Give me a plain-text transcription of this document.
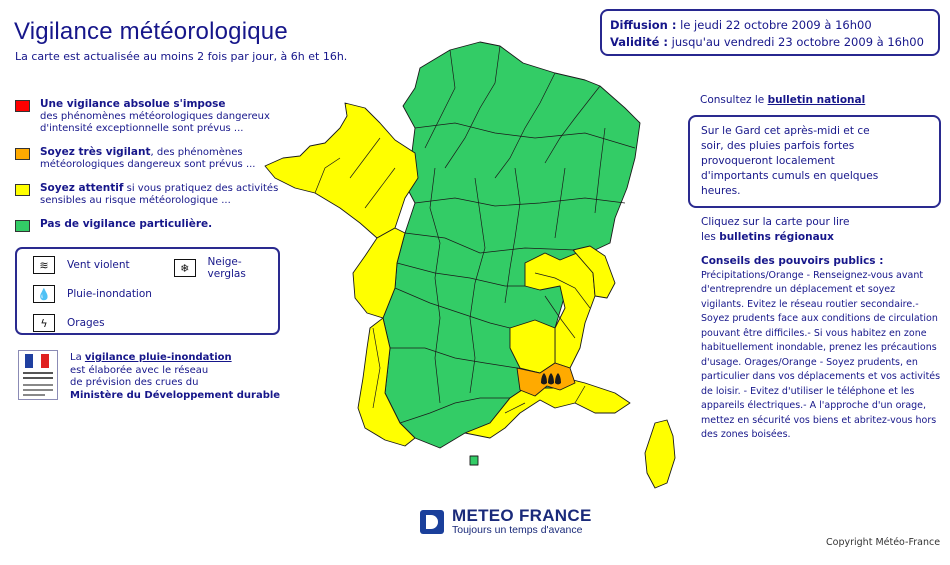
Vigilance météorologique
La carte est actualisée au moins 2 fois par jour, à 6h et 16h.
Diffusion : le jeudi 22 octobre 2009 à 16h00
Validité : jusqu'au vendredi 23 octobre 2009 à 16h00
Une vigilance absolue s'impose
des phénomènes météorologiques dangereux d'intensité exceptionnelle sont prévus ...
Soyez très vigilant, des phénomènes météorologiques dangereux sont prévus ...
Soyez attentif si vous pratiquez des activités sensibles au risque météorologique ...
Pas de vigilance particulière.
≋	Vent violent	❄	Neige-verglas
💧	Pluie-inondation
ϟ	Orages
La vigilance pluie-inondation
est élaborée avec le réseau
de prévision des crues du
Ministère du Développement durable
Consultez le bulletin national
Sur le Gard cet après-midi et ce soir, des pluies parfois fortes provoqueront localement d'importants cumuls en quelques heures.
Cliquez sur la carte pour lire
les bulletins régionaux
Conseils des pouvoirs publics :
Précipitations/Orange - Renseignez-vous avant d'entreprendre un déplacement et soyez vigilants. Evitez le réseau routier secondaire.- Soyez prudents face aux conditions de circulation pouvant être difficiles.- Si vous habitez en zone habituellement inondable, prenez les précautions d'usage. Orages/Orange - Soyez prudents, en particulier dans vos déplacements et vos activités de loisir. - Evitez d'utiliser le téléphone et les appareils électriques.- A l'approche d'un orage, mettez en sécurité vos biens et abritez-vous hors des zones boisées.
METEO FRANCE
Toujours un temps d'avance
Copyright Météo-France
